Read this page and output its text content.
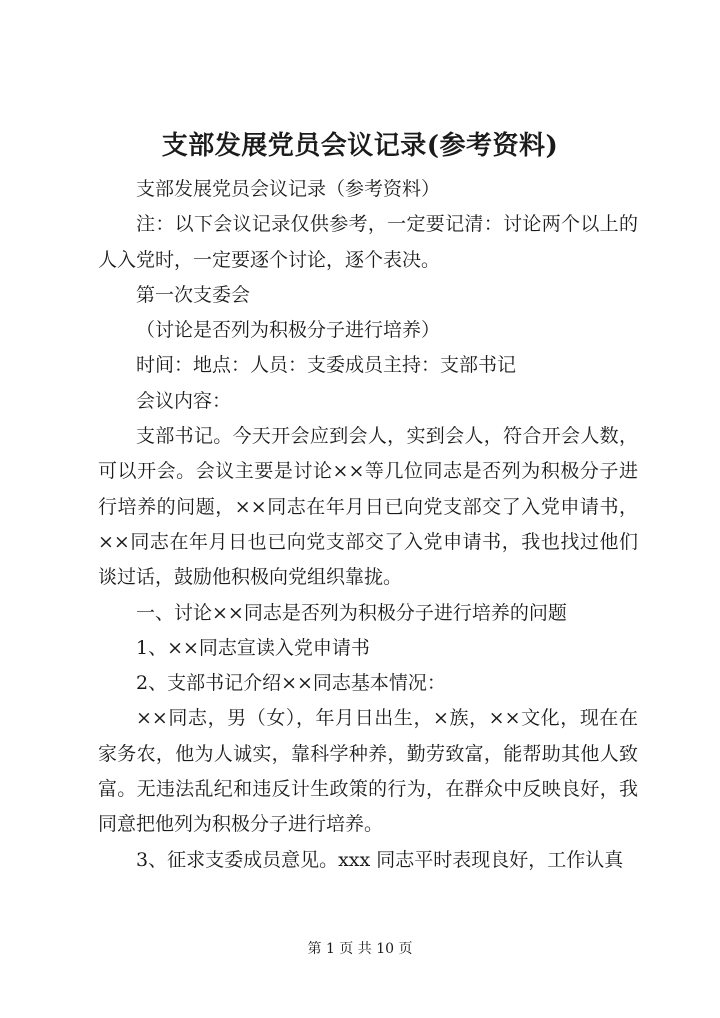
支部发展党员会议记录(参考资料)

支部发展党员会议记录（参考资料）

注：以下会议记录仅供参考，一定要记清：讨论两个以上的人入党时，一定要逐个讨论，逐个表决。

第一次支委会

（讨论是否列为积极分子进行培养）

时间：地点：人员：支委成员主持：支部书记

会议内容：

支部书记。今天开会应到会人，实到会人，符合开会人数，可以开会。会议主要是讨论××等几位同志是否列为积极分子进行培养的问题，××同志在年月日已向党支部交了入党申请书，××同志在年月日也已向党支部交了入党申请书，我也找过他们谈过话，鼓励他积极向党组织靠拢。

一、讨论××同志是否列为积极分子进行培养的问题

1、××同志宣读入党申请书

2、支部书记介绍××同志基本情况：

××同志，男（女），年月日出生，×族，××文化，现在在家务农，他为人诚实，靠科学种养，勤劳致富，能帮助其他人致富。无违法乱纪和违反计生政策的行为，在群众中反映良好，我同意把他列为积极分子进行培养。

3、征求支委成员意见。xxx 同志平时表现良好，工作认真

第 1 页 共 10 页
